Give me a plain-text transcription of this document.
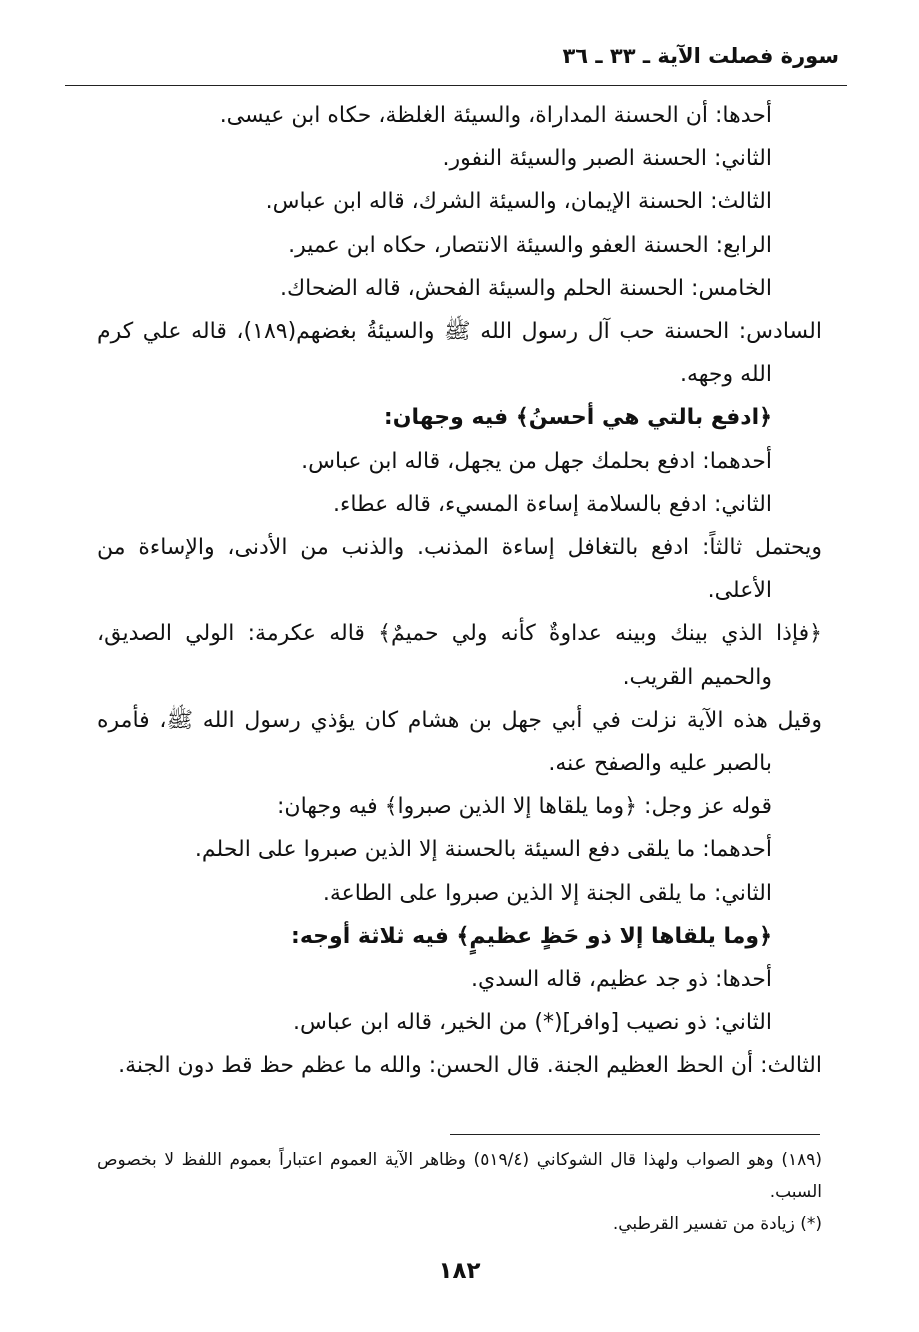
سورة فصلت الآية ـ ٣٣ ـ ٣٦

أحدها: أن الحسنة المداراة، والسيئة الغلظة، حكاه ابن عيسى.

الثاني: الحسنة الصبر والسيئة النفور.

الثالث: الحسنة الإيمان، والسيئة الشرك، قاله ابن عباس.

الرابع: الحسنة العفو والسيئة الانتصار، حكاه ابن عمير.

الخامس: الحسنة الحلم والسيئة الفحش، قاله الضحاك.

السادس: الحسنة حب آل رسول الله ﷺ والسيئةُ بغضهم(١٨٩)، قاله علي كرم الله وجهه.

﴿ادفع بالتي هي أحسنُ﴾ فيه وجهان:

أحدهما: ادفع بحلمك جهل من يجهل، قاله ابن عباس.

الثاني: ادفع بالسلامة إساءة المسيء، قاله عطاء.

ويحتمل ثالثاً: ادفع بالتغافل إساءة المذنب. والذنب من الأدنى، والإساءة من الأعلى.

﴿فإذا الذي بينك وبينه عداوةٌ كأنه ولي حميمٌ﴾ قاله عكرمة: الولي الصديق، والحميم القريب.

وقيل هذه الآية نزلت في أبي جهل بن هشام كان يؤذي رسول الله ﷺ، فأمره بالصبر عليه والصفح عنه.

قوله عز وجل: ﴿وما يلقاها إلا الذين صبروا﴾ فيه وجهان:

أحدهما: ما يلقى دفع السيئة بالحسنة إلا الذين صبروا على الحلم.

الثاني: ما يلقى الجنة إلا الذين صبروا على الطاعة.

﴿وما يلقاها إلا ذو حَظٍ عظيمٍ﴾ فيه ثلاثة أوجه:

أحدها: ذو جد عظيم، قاله السدي.

الثاني: ذو نصيب [وافر](*) من الخير، قاله ابن عباس.

الثالث: أن الحظ العظيم الجنة. قال الحسن: والله ما عظم حظ قط دون الجنة.

(١٨٩) وهو الصواب ولهذا قال الشوكاني (٥١٩/٤) وظاهر الآية العموم اعتباراً بعموم اللفظ لا بخصوص السبب.

(*) زيادة من تفسير القرطبي.

١٨٢
